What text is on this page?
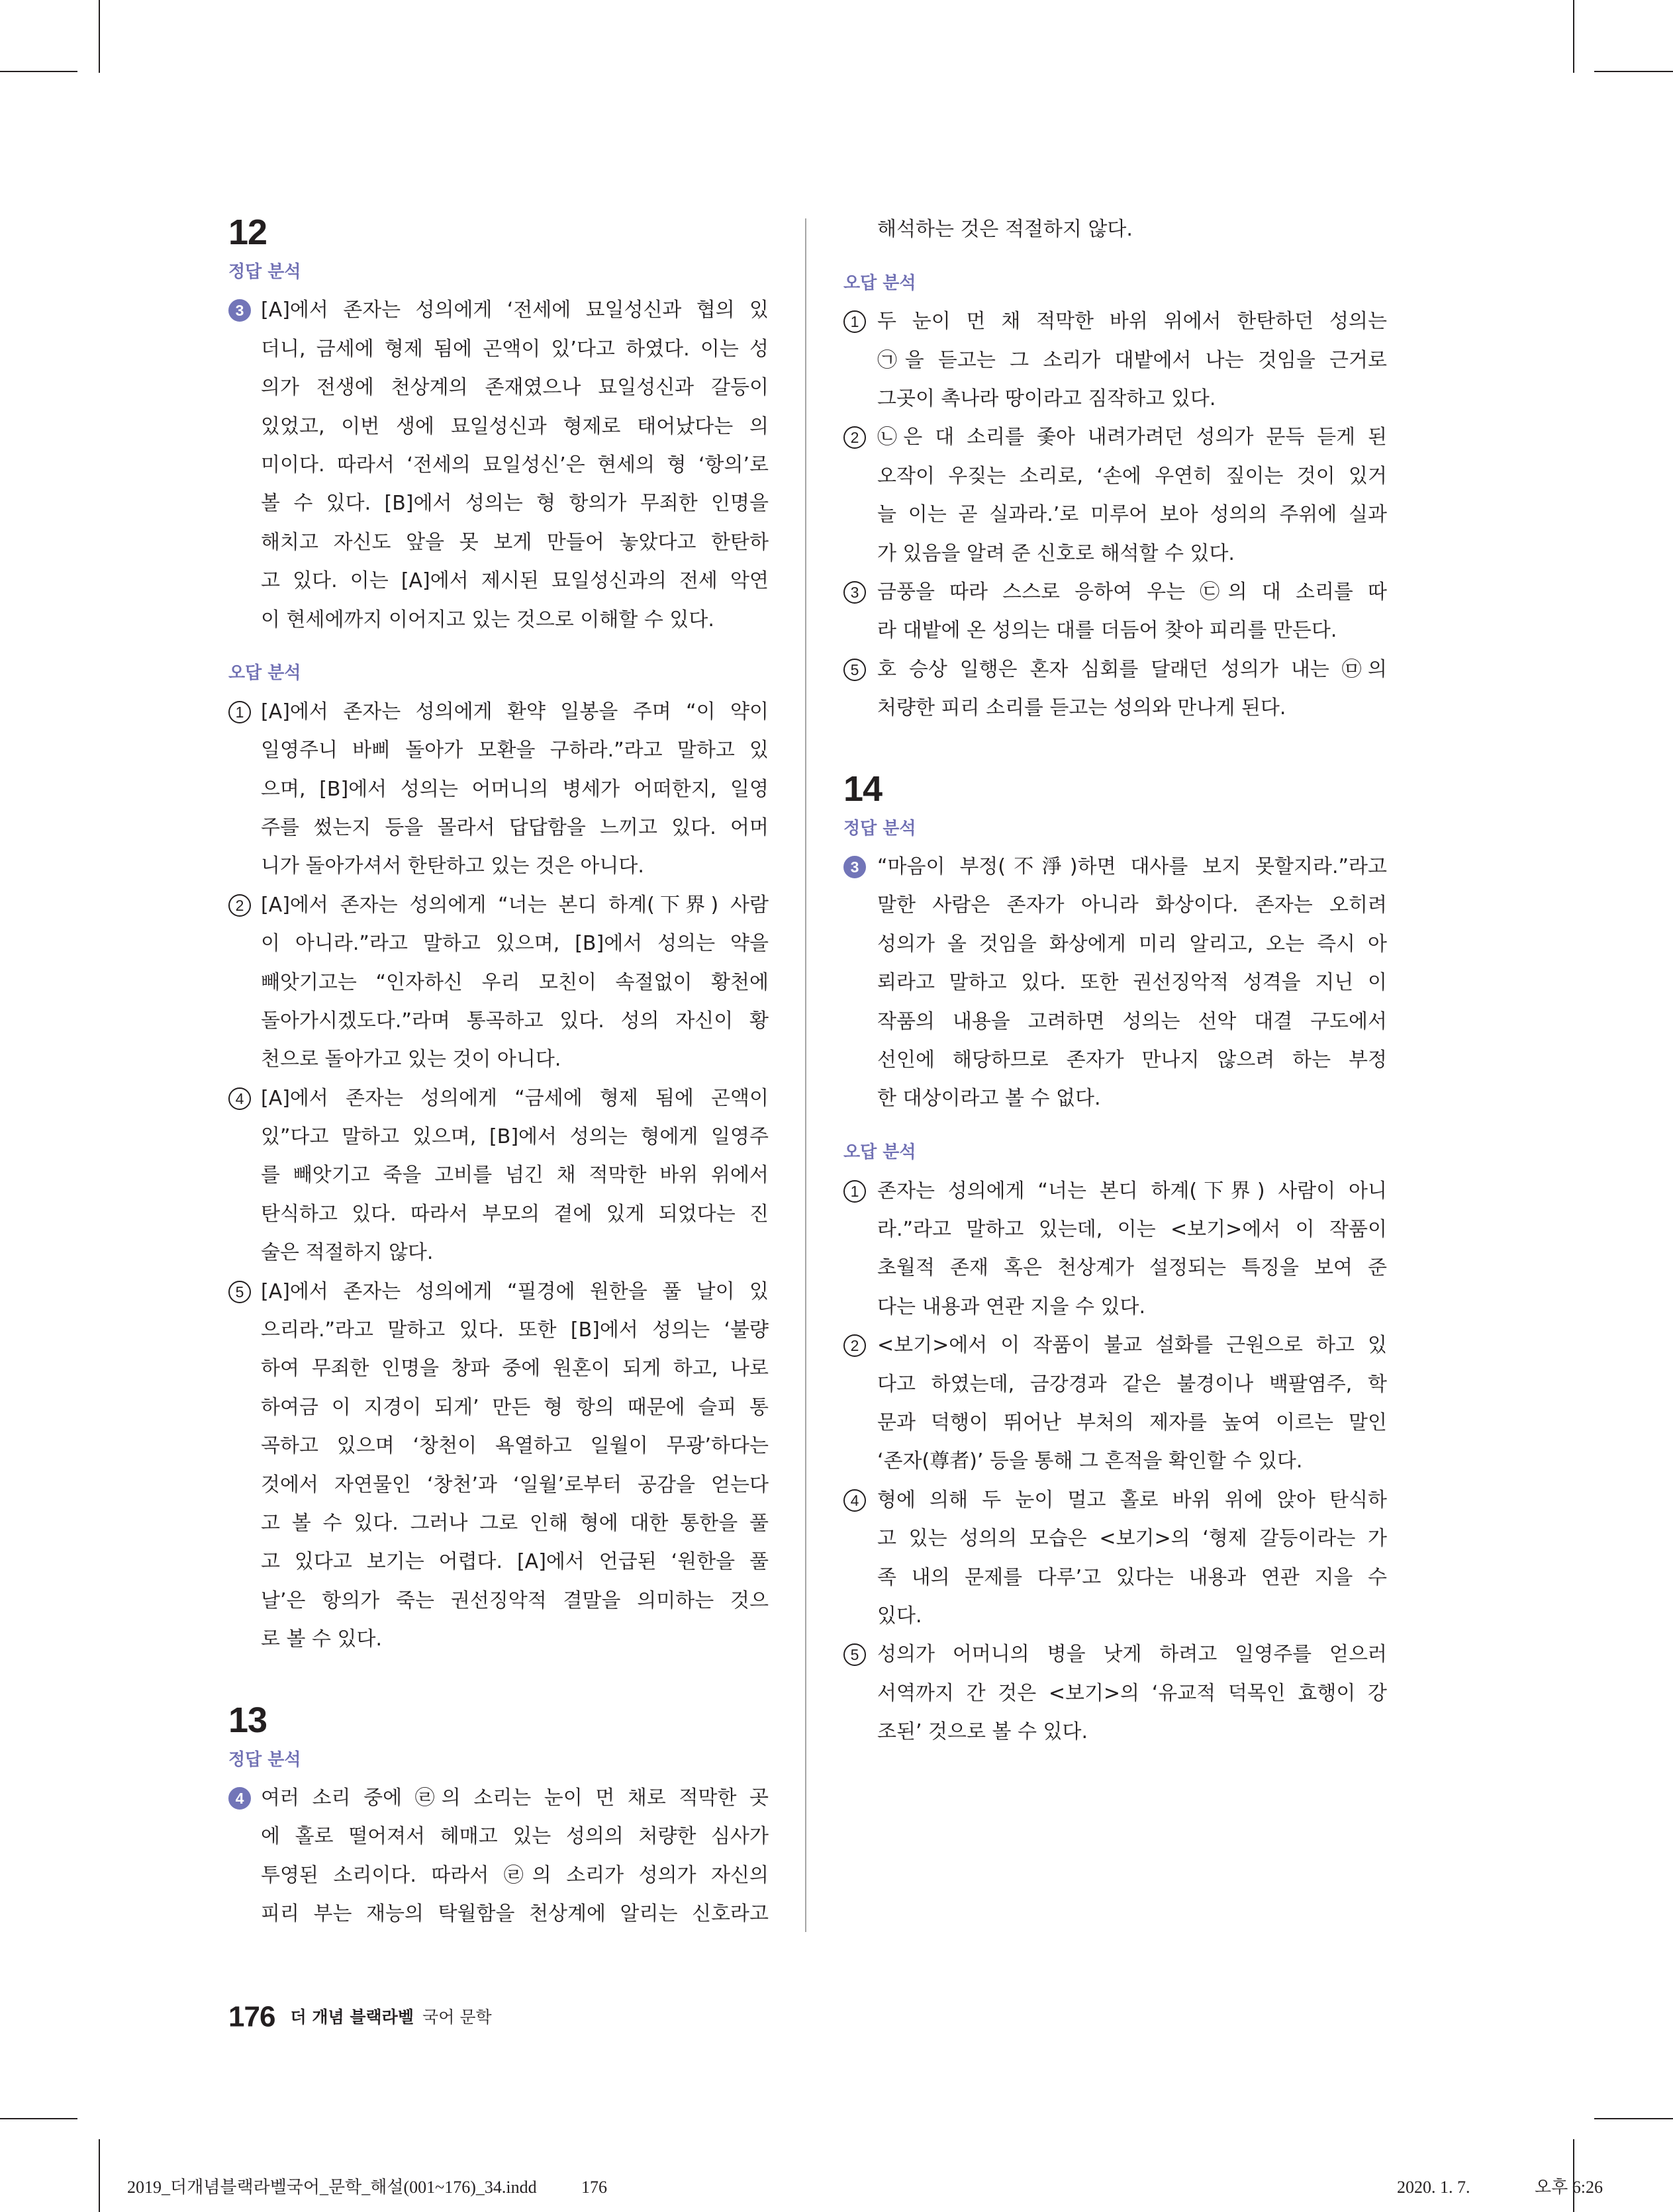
12
정답 분석
3 [A]에서 존자는 성의에게 ‘전세에 묘일성신과 협의 있
더니, 금세에 형제 됨에 곤액이 있’다고 하였다. 이는 성
의가 전생에 천상계의 존재였으나 묘일성신과 갈등이
있었고, 이번 생에 묘일성신과 형제로 태어났다는 의
미이다. 따라서 ‘전세의 묘일성신’은 현세의 형 ‘항의’로
볼 수 있다. [B]에서 성의는 형 항의가 무죄한 인명을
해치고 자신도 앞을 못 보게 만들어 놓았다고 한탄하
고 있다. 이는 [A]에서 제시된 묘일성신과의 전세 악연
이 현세에까지 이어지고 있는 것으로 이해할 수 있다.
오답 분석
1 [A]에서 존자는 성의에게 환약 일봉을 주며 “이 약이
일영주니 바삐 돌아가 모환을 구하라.”라고 말하고 있
으며, [B]에서 성의는 어머니의 병세가 어떠한지, 일영
주를 썼는지 등을 몰라서 답답함을 느끼고 있다. 어머
니가 돌아가셔서 한탄하고 있는 것은 아니다.
2 [A]에서 존자는 성의에게 “너는 본디 하계(下界) 사람
이 아니라.”라고 말하고 있으며, [B]에서 성의는 약을
빼앗기고는 “인자하신 우리 모친이 속절없이 황천에
돌아가시겠도다.”라며 통곡하고 있다. 성의 자신이 황
천으로 돌아가고 있는 것이 아니다.
4 [A]에서 존자는 성의에게 “금세에 형제 됨에 곤액이
있”다고 말하고 있으며, [B]에서 성의는 형에게 일영주
를 빼앗기고 죽을 고비를 넘긴 채 적막한 바위 위에서
탄식하고 있다. 따라서 부모의 곁에 있게 되었다는 진
술은 적절하지 않다.
5 [A]에서 존자는 성의에게 “필경에 원한을 풀 날이 있
으리라.”라고 말하고 있다. 또한 [B]에서 성의는 ‘불량
하여 무죄한 인명을 창파 중에 원혼이 되게 하고, 나로
하여금 이 지경이 되게’ 만든 형 항의 때문에 슬피 통
곡하고 있으며 ‘창천이 욕열하고 일월이 무광’하다는
것에서 자연물인 ‘창천’과 ‘일월’로부터 공감을 얻는다
고 볼 수 있다. 그러나 그로 인해 형에 대한 통한을 풀
고 있다고 보기는 어렵다. [A]에서 언급된 ‘원한을 풀
날’은 항의가 죽는 권선징악적 결말을 의미하는 것으
로 볼 수 있다.
13
정답 분석
4 여러 소리 중에 ㉣의 소리는 눈이 먼 채로 적막한 곳
에 홀로 떨어져서 헤매고 있는 성의의 처량한 심사가
투영된 소리이다. 따라서 ㉣의 소리가 성의가 자신의
피리 부는 재능의 탁월함을 천상계에 알리는 신호라고
해석하는 것은 적절하지 않다.
오답 분석
1 두 눈이 먼 채 적막한 바위 위에서 한탄하던 성의는
㉠을 듣고는 그 소리가 대밭에서 나는 것임을 근거로
그곳이 촉나라 땅이라고 짐작하고 있다.
2 ㉡은 대 소리를 좇아 내려가려던 성의가 문득 듣게 된
오작이 우짖는 소리로, ‘손에 우연히 짚이는 것이 있거
늘 이는 곧 실과라.’로 미루어 보아 성의의 주위에 실과
가 있음을 알려 준 신호로 해석할 수 있다.
3 금풍을 따라 스스로 응하여 우는 ㉢의 대 소리를 따
라 대밭에 온 성의는 대를 더듬어 찾아 피리를 만든다.
5 호 승상 일행은 혼자 심회를 달래던 성의가 내는 ㉤의
처량한 피리 소리를 듣고는 성의와 만나게 된다.
14
정답 분석
3 “마음이 부정(不淨)하면 대사를 보지 못할지라.”라고
말한 사람은 존자가 아니라 화상이다. 존자는 오히려
성의가 올 것임을 화상에게 미리 알리고, 오는 즉시 아
뢰라고 말하고 있다. 또한 권선징악적 성격을 지닌 이
작품의 내용을 고려하면 성의는 선악 대결 구도에서
선인에 해당하므로 존자가 만나지 않으려 하는 부정
한 대상이라고 볼 수 없다.
오답 분석
1 존자는 성의에게 “너는 본디 하계(下界) 사람이 아니
라.”라고 말하고 있는데, 이는 <보기>에서 이 작품이
초월적 존재 혹은 천상계가 설정되는 특징을 보여 준
다는 내용과 연관 지을 수 있다.
2 <보기>에서 이 작품이 불교 설화를 근원으로 하고 있
다고 하였는데, 금강경과 같은 불경이나 백팔염주, 학
문과 덕행이 뛰어난 부처의 제자를 높여 이르는 말인
‘존자(尊者)’ 등을 통해 그 흔적을 확인할 수 있다.
4 형에 의해 두 눈이 멀고 홀로 바위 위에 앉아 탄식하
고 있는 성의의 모습은 <보기>의 ‘형제 갈등이라는 가
족 내의 문제를 다루’고 있다는 내용과 연관 지을 수
있다.
5 성의가 어머니의 병을 낫게 하려고 일영주를 얻으러
서역까지 간 것은 <보기>의 ‘유교적 덕목인 효행이 강
조된’ 것으로 볼 수 있다.
176 더 개념 블랙라벨 국어 문학
2019_더개념블랙라벨국어_문학_해설(001~176)_34.indd	176	2020. 1. 7.	오후 6:26
